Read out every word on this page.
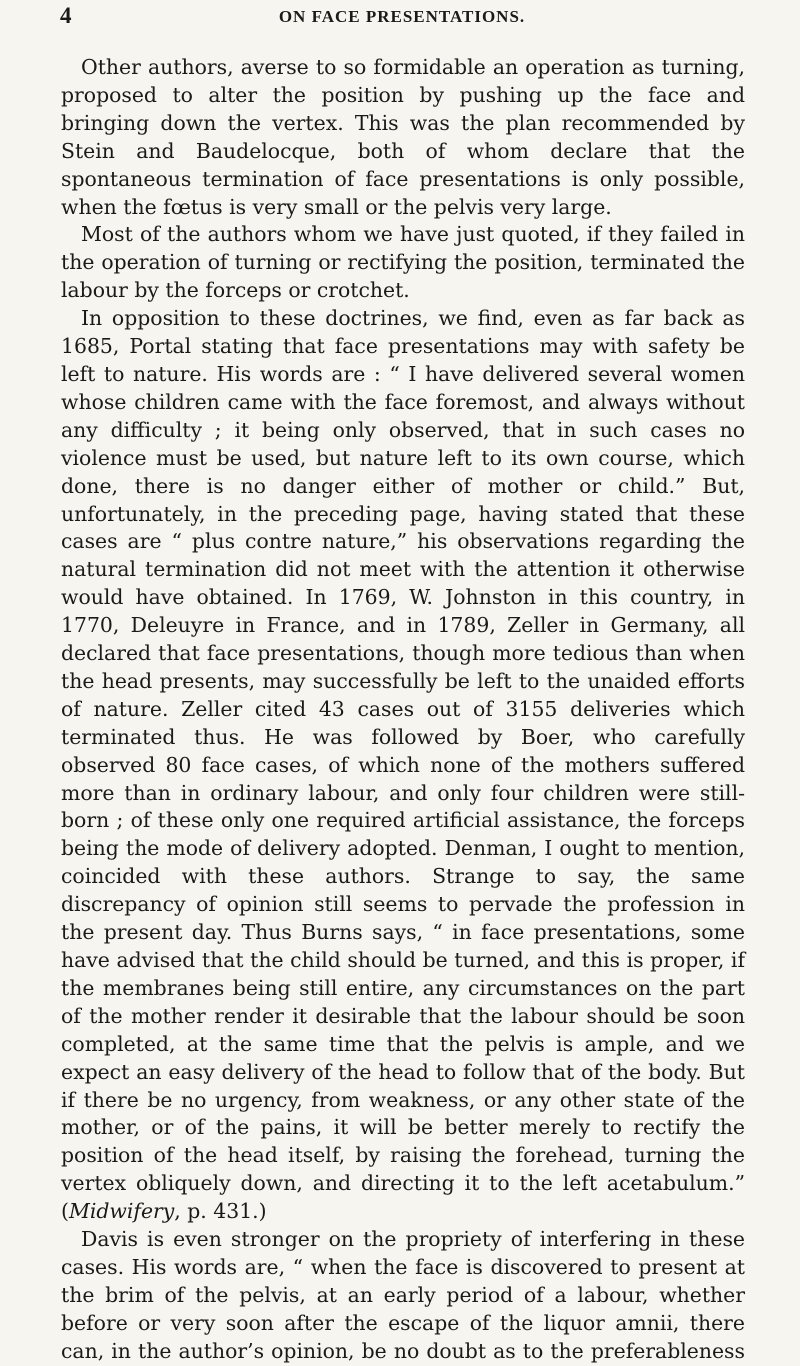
4	ON FACE PRESENTATIONS.

Other authors, averse to so formidable an operation as turning, proposed to alter the position by pushing up the face and bringing down the vertex. This was the plan recommended by Stein and Baudelocque, both of whom declare that the spontaneous termination of face presentations is only possible, when the fœtus is very small or the pelvis very large.

Most of the authors whom we have just quoted, if they failed in the operation of turning or rectifying the position, terminated the labour by the forceps or crotchet.

In opposition to these doctrines, we find, even as far back as 1685, Portal stating that face presentations may with safety be left to nature. His words are : “ I have delivered several women whose children came with the face foremost, and always without any difficulty ; it being only observed, that in such cases no violence must be used, but nature left to its own course, which done, there is no danger either of mother or child.” But, unfortunately, in the preceding page, having stated that these cases are “ plus contre nature,” his observations regarding the natural termination did not meet with the attention it otherwise would have obtained. In 1769, W. Johnston in this country, in 1770, Deleuyre in France, and in 1789, Zeller in Germany, all declared that face presentations, though more tedious than when the head presents, may successfully be left to the unaided efforts of nature. Zeller cited 43 cases out of 3155 deliveries which terminated thus. He was followed by Boer, who carefully observed 80 face cases, of which none of the mothers suffered more than in ordinary labour, and only four children were still-born ; of these only one required artificial assistance, the forceps being the mode of delivery adopted. Denman, I ought to mention, coincided with these authors. Strange to say, the same discrepancy of opinion still seems to pervade the profession in the present day. Thus Burns says, “ in face presentations, some have advised that the child should be turned, and this is proper, if the membranes being still entire, any circumstances on the part of the mother render it desirable that the labour should be soon completed, at the same time that the pelvis is ample, and we expect an easy delivery of the head to follow that of the body. But if there be no urgency, from weakness, or any other state of the mother, or of the pains, it will be better merely to rectify the position of the head itself, by raising the forehead, turning the vertex obliquely down, and directing it to the left acetabulum.” (Midwifery, p. 431.)

Davis is even stronger on the propriety of interfering in these cases. His words are, “ when the face is discovered to present at the brim of the pelvis, at an early period of a labour, whether before or very soon after the escape of the liquor amnii, there can, in the author’s opinion, be no doubt as to the preferableness
